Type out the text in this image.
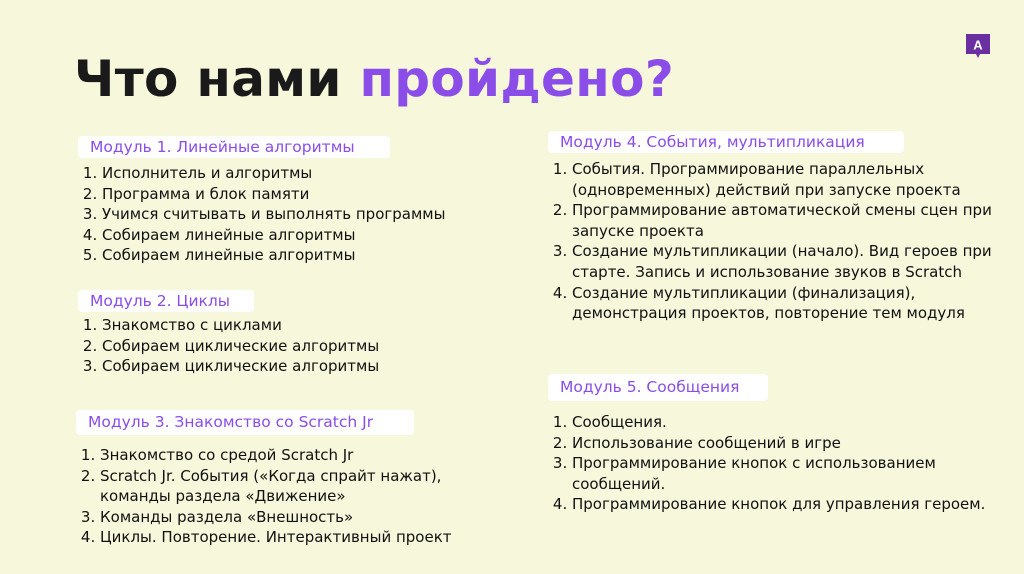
Что нами пройдено?
A
Модуль 1. Линейные алгоритмы
1. Исполнитель и алгоритмы
2. Программа и блок памяти
3. Учимся считывать и выполнять программы
4. Собираем линейные алгоритмы
5. Собираем линейные алгоритмы
Модуль 2. Циклы
1. Знакомство с циклами
2. Собираем циклические алгоритмы
3. Собираем циклические алгоритмы
Модуль 3. Знакомство со Scratch Jr
1. Знакомство со средой Scratch Jr
2. Scratch Jr. События («Когда спрайт нажат), команды раздела «Движение»
3. Команды раздела «Внешность»
4. Циклы. Повторение. Интерактивный проект
Модуль 4. События, мультипликация
1. События. Программирование параллельных (одновременных) действий при запуске проекта
2. Программирование автоматической смены сцен при запуске проекта
3. Создание мультипликации (начало). Вид героев при старте. Запись и использование звуков в Scratch
4. Создание мультипликации (финализация), демонстрация проектов, повторение тем модуля
Модуль 5. Сообщения
1. Сообщения.
2. Использование сообщений в игре
3. Программирование кнопок с использованием сообщений.
4. Программирование кнопок для управления героем.
